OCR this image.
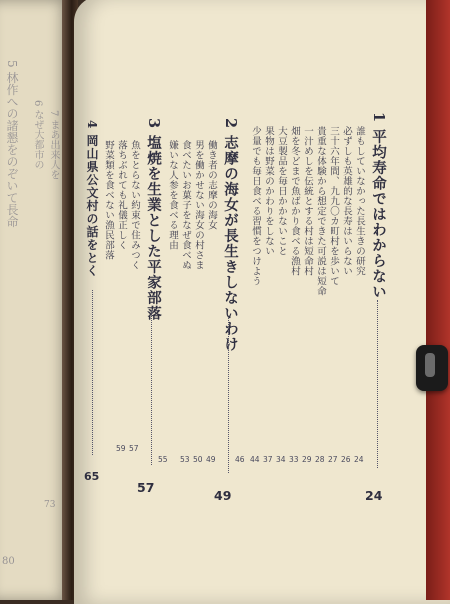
5 林作への諸懇をのぞいて長命 6 なぜ大都市の 7 まあ出来人を
73
80
1 平均寿命ではわからない
24
誰もしていなかった長生きの研究
必ずしも英雄的な長寿はいらない
三十六年間、九九〇カ町村を歩いて
貴重な体験から想定できた可説は短命
一汁めしを伝統とする村は短命村
畑を冬どまで魚ばかり食べる漁村
大豆製品を毎日かかないこと
果物は野菜のかわりをしない
少量でも毎日食べる習慣をつけよう
24
26
27
28
29
33
34
37
44
2 志摩の海女が長生きしないわけ
49
働き者の志摩の海女
男を働かせない海女の村さま
食べたいお菓子をなぜ食べぬ
嫌いな人参を食べる理由
46
49
50
53
3 塩焼を生業とした平家部落
57
魚をとらない約束で住みつく
落ちぶれても礼儀正しく
野菜類を食べない漁民部落
55
57
59
4 岡山県公文村の話をとく
65
